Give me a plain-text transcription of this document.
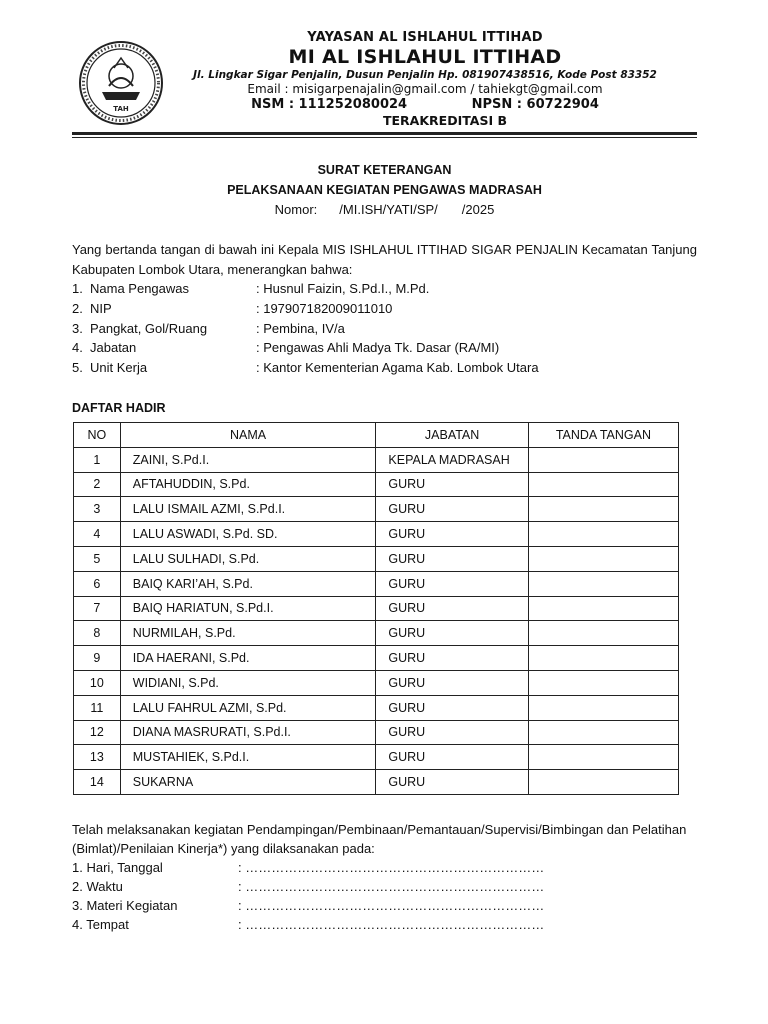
TAH
YAYASAN AL ISHLAHUL ITTIHAD
MI AL ISHLAHUL ITTIHAD
Jl. Lingkar Sigar Penjalin, Dusun Penjalin Hp. 081907438516, Kode Post 83352
Email : misigarpenajalin@gmail.com / tahiekgt@gmail.com
NSM : 111252080024	NPSN : 60722904
TERAKREDITASI B
SURAT KETERANGAN
PELAKSANAAN KEGIATAN PENGAWAS MADRASAH
Nomor: /MI.ISH/YATI/SP/ /2025
Yang bertanda tangan di bawah ini Kepala MIS ISHLAHUL ITTIHAD SIGAR PENJALIN Kecamatan Tanjung Kabupaten Lombok Utara, menerangkan bahwa:
1. Nama Pengawas	: Husnul Faizin, S.Pd.I., M.Pd.
2. NIP	: 197907182009011010
3. Pangkat, Gol/Ruang	: Pembina, IV/a
4. Jabatan	: Pengawas Ahli Madya Tk. Dasar (RA/MI)
5. Unit Kerja	: Kantor Kementerian Agama Kab. Lombok Utara
DAFTAR HADIR
NO	NAMA	JABATAN	TANDA TANGAN
1	ZAINI, S.Pd.I.	KEPALA MADRASAH	
2	AFTAHUDDIN, S.Pd.	GURU	
3	LALU ISMAIL AZMI, S.Pd.I.	GURU	
4	LALU ASWADI, S.Pd. SD.	GURU	
5	LALU SULHADI, S.Pd.	GURU	
6	BAIQ KARI’AH, S.Pd.	GURU	
7	BAIQ HARIATUN, S.Pd.I.	GURU	
8	NURMILAH, S.Pd.	GURU	
9	IDA HAERANI, S.Pd.	GURU	
10	WIDIANI, S.Pd.	GURU	
11	LALU FAHRUL AZMI, S.Pd.	GURU	
12	DIANA MASRURATI, S.Pd.I.	GURU	
13	MUSTAHIEK, S.Pd.I.	GURU	
14	SUKARNA	GURU	
Telah melaksanakan kegiatan Pendampingan/Pembinaan/Pemantauan/Supervisi/Bimbingan dan Pelatihan (Bimlat)/Penilaian Kinerja*) yang dilaksanakan pada:
1. Hari, Tanggal	: ……………………………………………………………
2. Waktu	: ……………………………………………………………
3. Materi Kegiatan	: ……………………………………………………………
4. Tempat	: ……………………………………………………………
